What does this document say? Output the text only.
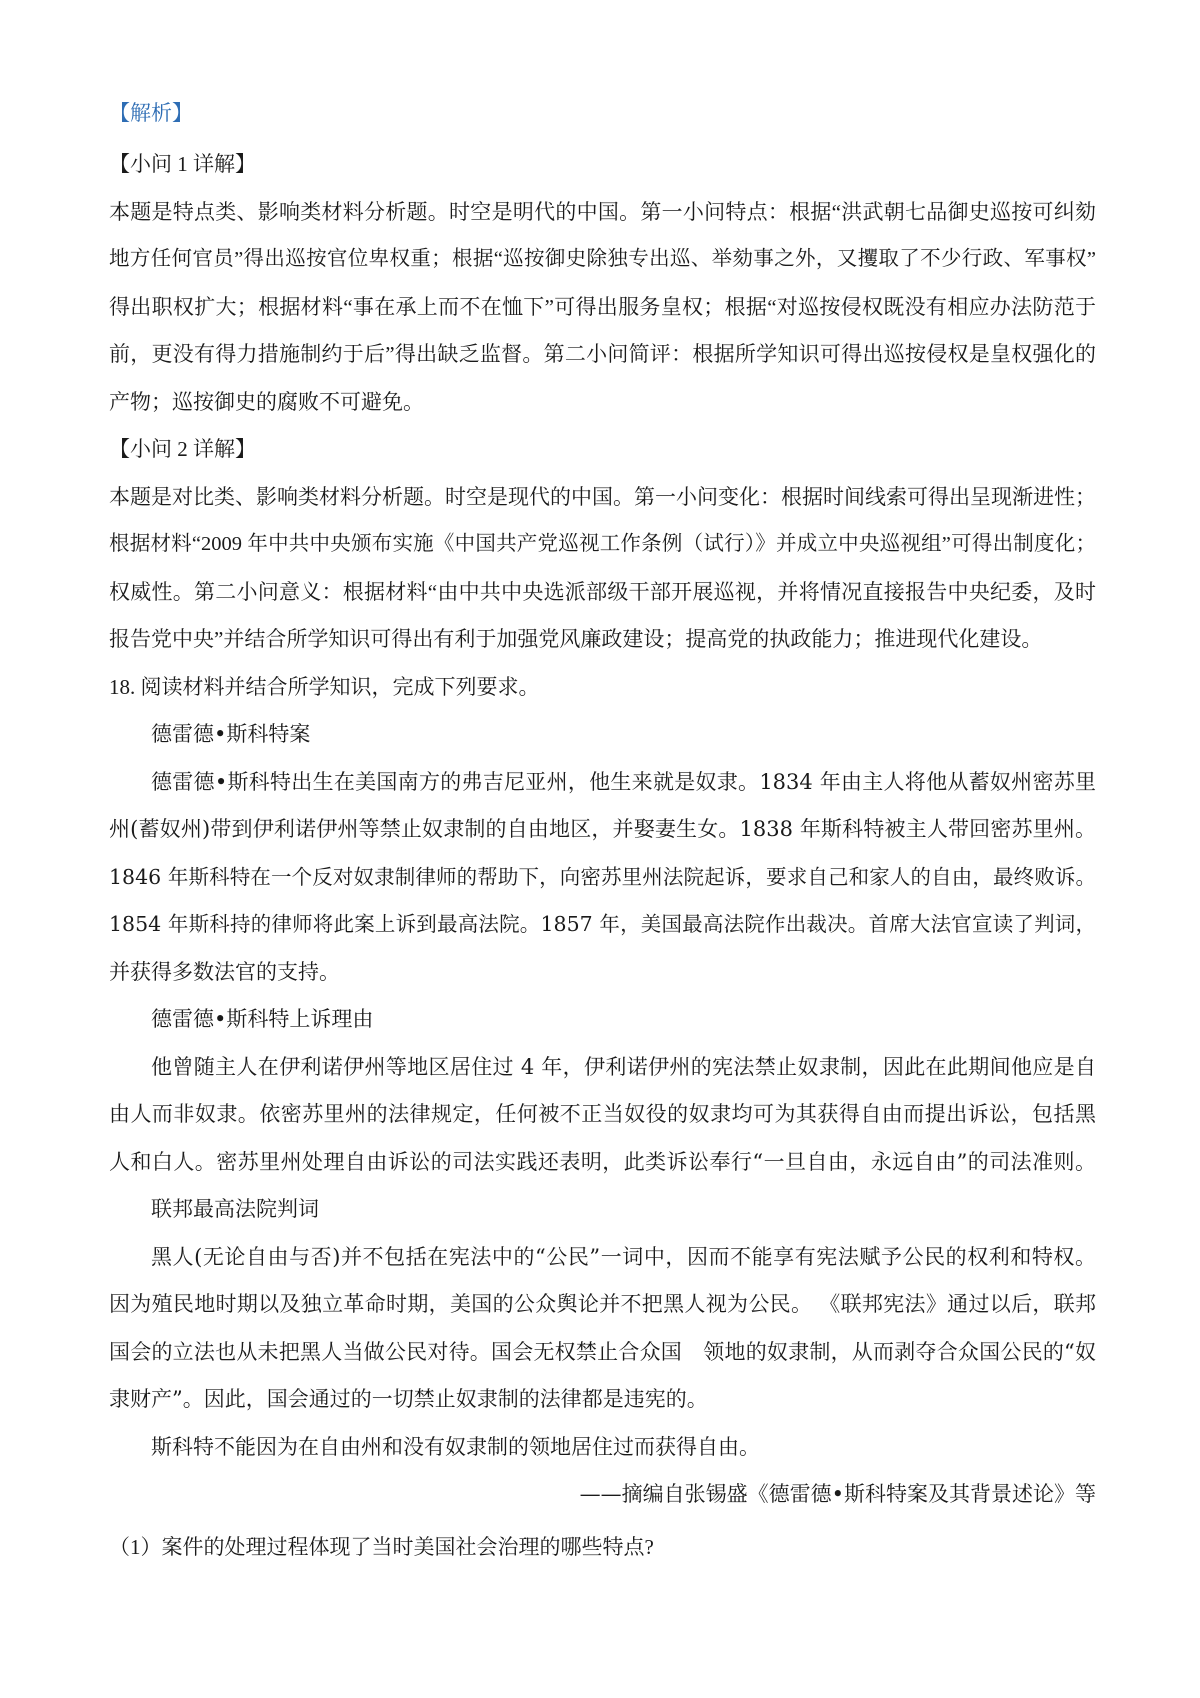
【解析】
【小问 1 详解】
本题是特点类、影响类材料分析题。时空是明代的中国。第一小问特点：根据“洪武朝七品御史巡按可纠劾
地方任何官员”得出巡按官位卑权重；根据“巡按御史除独专出巡、举劾事之外，又攫取了不少行政、军事权”
得出职权扩大；根据材料“事在承上而不在恤下”可得出服务皇权；根据“对巡按侵权既没有相应办法防范于
前，更没有得力措施制约于后”得出缺乏监督。第二小问简评：根据所学知识可得出巡按侵权是皇权强化的
产物；巡按御史的腐败不可避免。
【小问 2 详解】
本题是对比类、影响类材料分析题。时空是现代的中国。第一小问变化：根据时间线索可得出呈现渐进性；
根据材料“2009 年中共中央颁布实施《中国共产党巡视工作条例（试行）》并成立中央巡视组”可得出制度化；
权威性。第二小问意义：根据材料“由中共中央选派部级干部开展巡视，并将情况直接报告中央纪委，及时
报告党中央”并结合所学知识可得出有利于加强党风廉政建设；提高党的执政能力；推进现代化建设。
18. 阅读材料并结合所学知识，完成下列要求。
德雷德•斯科特案
德雷德•斯科特出生在美国南方的弗吉尼亚州，他生来就是奴隶。1834 年由主人将他从蓄奴州密苏里
州(蓄奴州)带到伊利诺伊州等禁止奴隶制的自由地区，并娶妻生女。1838 年斯科特被主人带回密苏里州。
1846 年斯科特在一个反对奴隶制律师的帮助下，向密苏里州法院起诉，要求自己和家人的自由，最终败诉。
1854 年斯科持的律师将此案上诉到最高法院。1857 年，美国最高法院作出裁决。首席大法官宣读了判词，
并获得多数法官的支持。
德雷德•斯科特上诉理由
他曾随主人在伊利诺伊州等地区居住过 4 年，伊利诺伊州的宪法禁止奴隶制，因此在此期间他应是自
由人而非奴隶。依密苏里州的法律规定，任何被不正当奴役的奴隶均可为其获得自由而提出诉讼，包括黑
人和白人。密苏里州处理自由诉讼的司法实践还表明，此类诉讼奉行“一旦自由，永远自由”的司法准则。
联邦最高法院判词
黑人(无论自由与否)并不包括在宪法中的“公民”一词中，因而不能享有宪法赋予公民的权利和特权。
因为殖民地时期以及独立革命时期，美国的公众舆论并不把黑人视为公民。 《联邦宪法》通过以后，联邦
国会的立法也从未把黑人当做公民对待。国会无权禁止合众国　领地的奴隶制，从而剥夺合众国公民的“奴
隶财产”。因此，国会通过的一切禁止奴隶制的法律都是违宪的。
斯科特不能因为在自由州和没有奴隶制的领地居住过而获得自由。
——摘编自张锡盛《德雷德•斯科特案及其背景述论》等
（1）案件的处理过程体现了当时美国社会治理的哪些特点?
